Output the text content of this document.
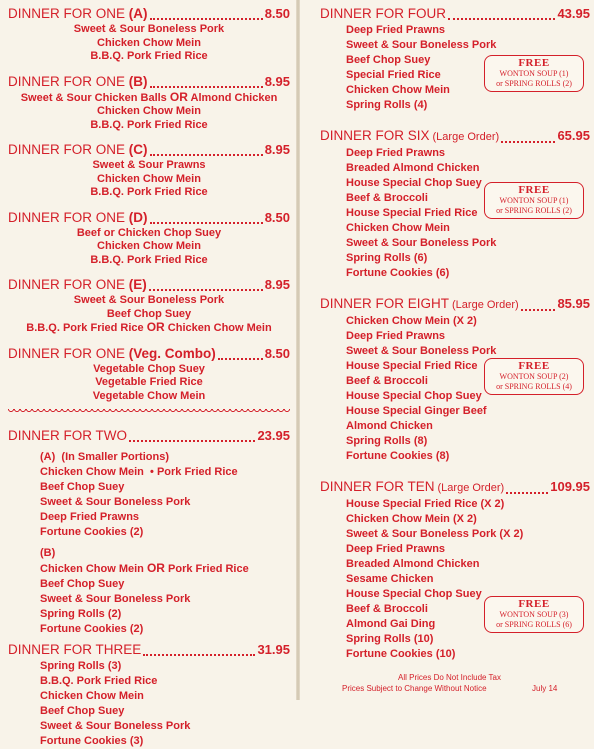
DINNER FOR ONE (A)	8.50
Sweet & Sour Boneless Pork
Chicken Chow Mein
B.B.Q. Pork Fried Rice
DINNER FOR ONE (B)	8.95
Sweet & Sour Chicken Balls OR Almond Chicken
Chicken Chow Mein
B.B.Q. Pork Fried Rice
DINNER FOR ONE (C)	8.95
Sweet & Sour Prawns
Chicken Chow Mein
B.B.Q. Pork Fried Rice
DINNER FOR ONE (D)	8.50
Beef or Chicken Chop Suey
Chicken Chow Mein
B.B.Q. Pork Fried Rice
DINNER FOR ONE (E)	8.95
Sweet & Sour Boneless Pork
Beef Chop Suey
B.B.Q. Pork Fried Rice OR Chicken Chow Mein
DINNER FOR ONE (Veg. Combo)	8.50
Vegetable Chop Suey
Vegetable Fried Rice
Vegetable Chow Mein
DINNER FOR TWO	23.95
(A) (In Smaller Portions)
Chicken Chow Mein • Pork Fried Rice
Beef Chop Suey
Sweet & Sour Boneless Pork
Deep Fried Prawns
Fortune Cookies (2)
(B)
Chicken Chow Mein OR Pork Fried Rice
Beef Chop Suey
Sweet & Sour Boneless Pork
Spring Rolls (2)
Fortune Cookies (2)
DINNER FOR THREE	31.95
Spring Rolls (3)
B.B.Q. Pork Fried Rice
Chicken Chow Mein
Beef Chop Suey
Sweet & Sour Boneless Pork
Fortune Cookies (3)
DINNER FOR FOUR	43.95
Deep Fried Prawns
Sweet & Sour Boneless Pork
Beef Chop Suey
Special Fried Rice
Chicken Chow Mein
Spring Rolls (4)
FREE
WONTON SOUP (1)
or SPRING ROLLS (2)
DINNER FOR SIX (Large Order)	65.95
Deep Fried Prawns
Breaded Almond Chicken
House Special Chop Suey
Beef & Broccoli
House Special Fried Rice
Chicken Chow Mein
Sweet & Sour Boneless Pork
Spring Rolls (6)
Fortune Cookies (6)
FREE
WONTON SOUP (1)
or SPRING ROLLS (2)
DINNER FOR EIGHT (Large Order)	85.95
Chicken Chow Mein (X 2)
Deep Fried Prawns
Sweet & Sour Boneless Pork
House Special Fried Rice
Beef & Broccoli
House Special Chop Suey
House Special Ginger Beef
Almond Chicken
Spring Rolls (8)
Fortune Cookies (8)
FREE
WONTON SOUP (2)
or SPRING ROLLS (4)
DINNER FOR TEN (Large Order)	109.95
House Special Fried Rice (X 2)
Chicken Chow Mein (X 2)
Sweet & Sour Boneless Pork (X 2)
Deep Fried Prawns
Breaded Almond Chicken
Sesame Chicken
House Special Chop Suey
Beef & Broccoli
Almond Gai Ding
Spring Rolls (10)
Fortune Cookies (10)
FREE
WONTON SOUP (3)
or SPRING ROLLS (6)
All Prices Do Not Include Tax
Prices Subject to Change Without Notice	July 14
